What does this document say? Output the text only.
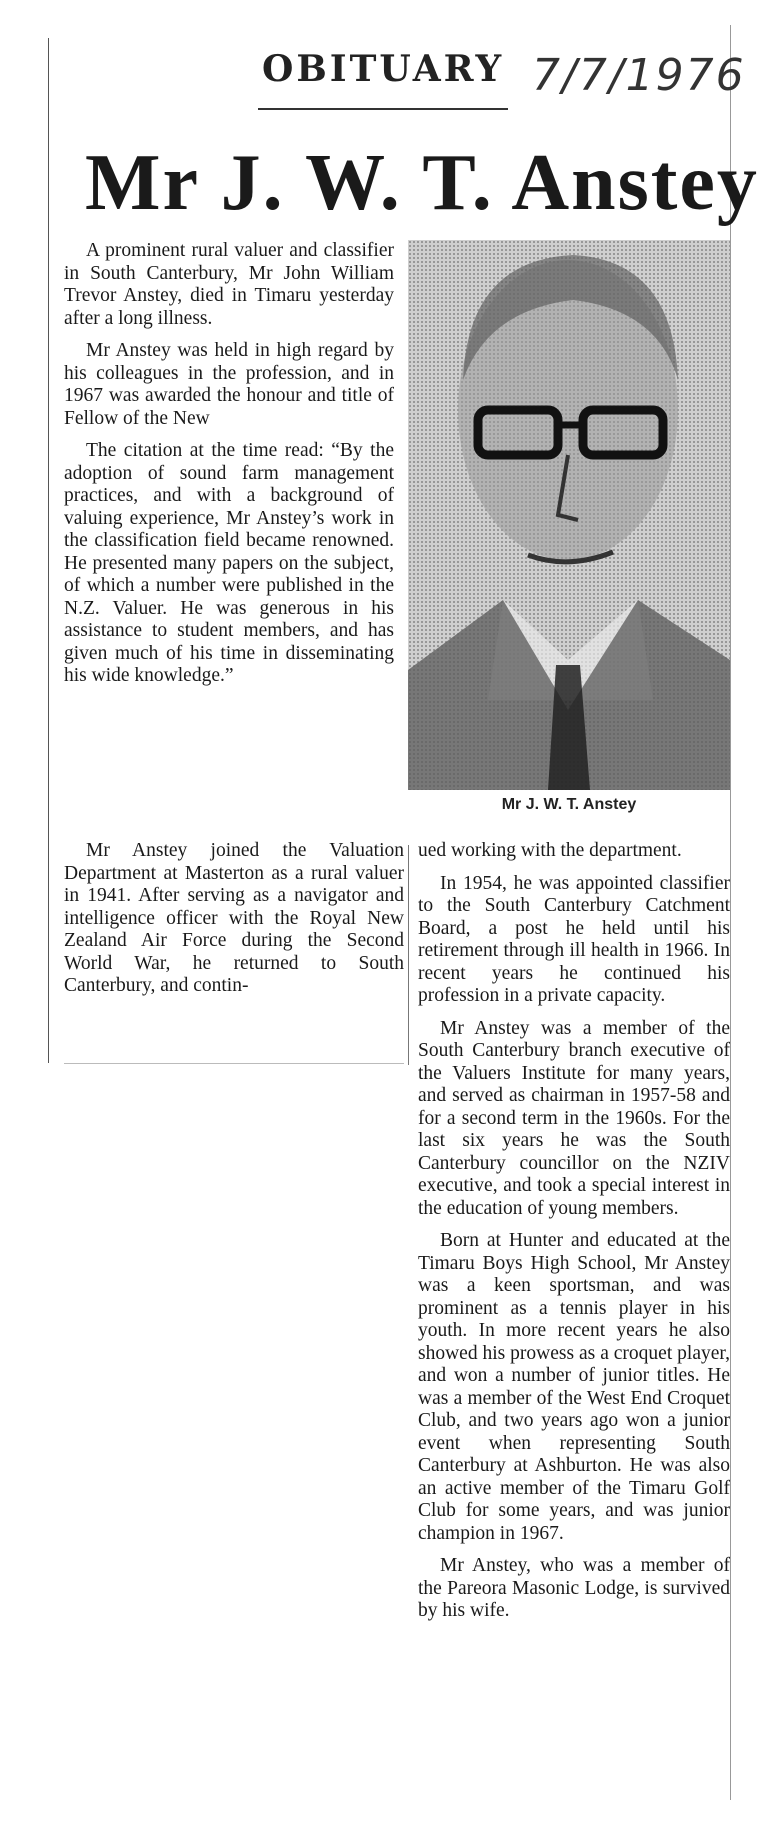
OBITUARY 7/7/1976
Mr J. W. T. Anstey

A prominent rural valuer and classifier in South Canterbury, Mr John William Trevor Anstey, died in Timaru yesterday after a long illness.

Mr Anstey was held in high regard by his colleagues in the profession, and in 1967 was awarded the honour and title of Fellow of the New

The citation at the time read: “By the adoption of sound farm management practices, and with a background of valuing experience, Mr Anstey’s work in the classification field became renowned. He presented many papers on the subject, of which a number were published in the N.Z. Valuer. He was generous in his assistance to student members, and has given much of his time in disseminating his wide knowledge.”

Mr J. W. T. Anstey

Mr Anstey joined the Valuation Department at Masterton as a rural valuer in 1941. After serving as a navigator and intelligence officer with the Royal New Zealand Air Force during the Second World War, he returned to South Canterbury, and contin-

ued working with the department.

In 1954, he was appointed classifier to the South Canterbury Catchment Board, a post he held until his retirement through ill health in 1966. In recent years he continued his profession in a private capacity.

Mr Anstey was a member of the South Canterbury branch executive of the Valuers Institute for many years, and served as chairman in 1957-58 and for a second term in the 1960s. For the last six years he was the South Canterbury councillor on the NZIV executive, and took a special interest in the education of young members.

Born at Hunter and educated at the Timaru Boys High School, Mr Anstey was a keen sportsman, and was prominent as a tennis player in his youth. In more recent years he also showed his prowess as a croquet player, and won a number of junior titles. He was a member of the West End Croquet Club, and two years ago won a junior event when representing South Canterbury at Ashburton. He was also an active member of the Timaru Golf Club for some years, and was junior champion in 1967.

Mr Anstey, who was a member of the Pareora Masonic Lodge, is survived by his wife.
